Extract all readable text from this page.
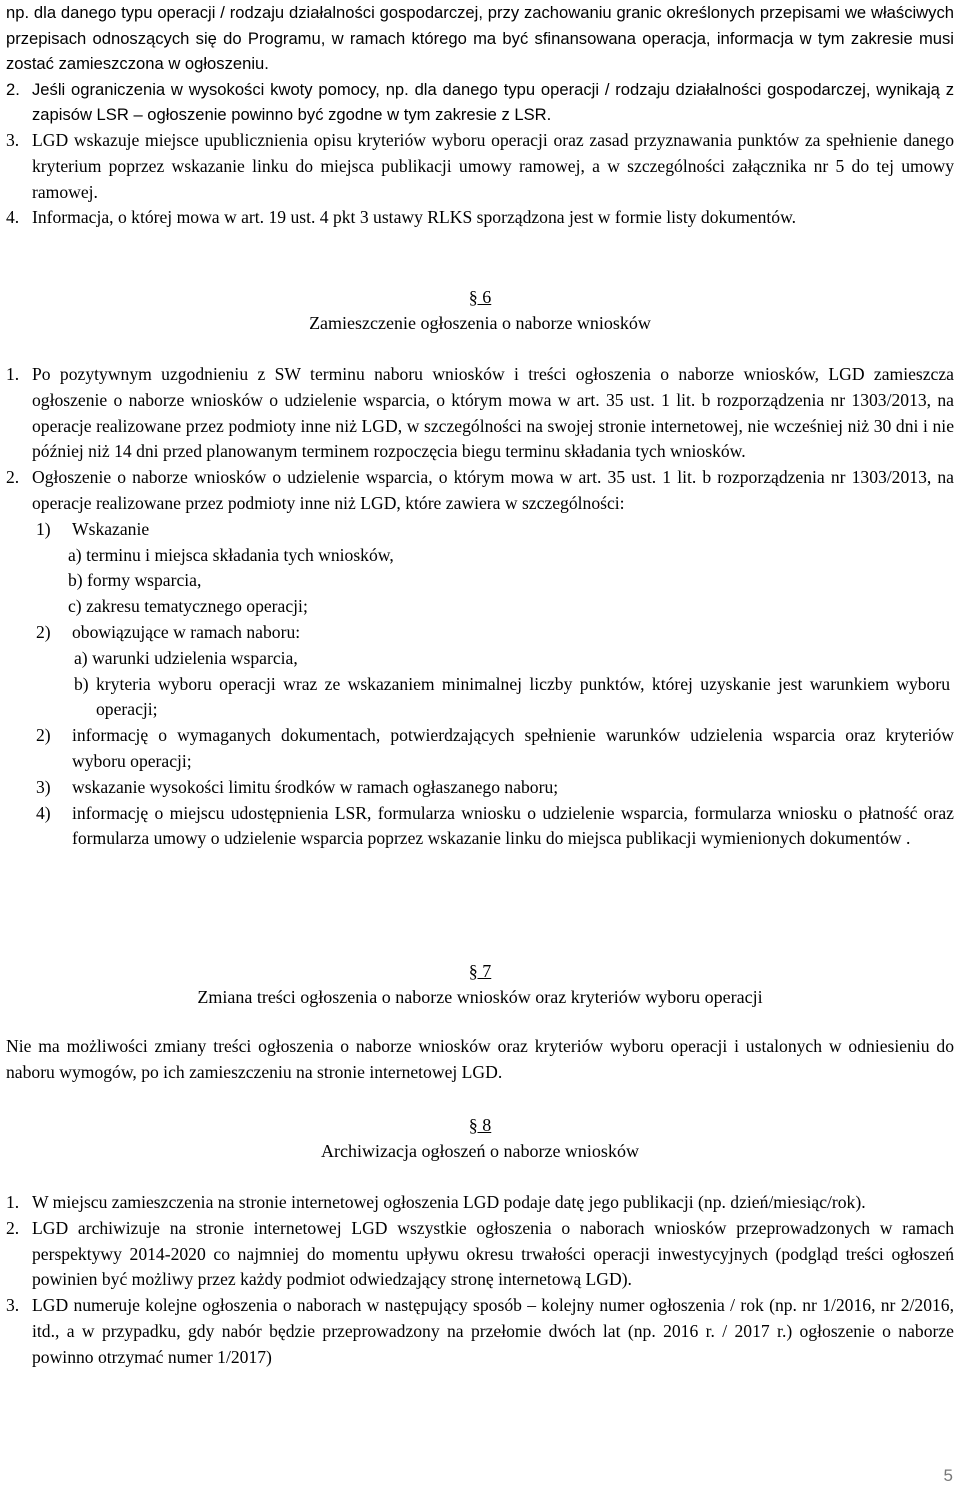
np. dla danego typu operacji / rodzaju działalności gospodarczej, przy zachowaniu granic określonych przepisami we właściwych przepisach odnoszących się do Programu, w ramach którego ma być sfinansowana operacja, informacja w tym zakresie musi zostać zamieszczona w ogłoszeniu.

2. Jeśli ograniczenia w wysokości kwoty pomocy, np. dla danego typu operacji / rodzaju działalności gospodarczej, wynikają z zapisów LSR – ogłoszenie powinno być zgodne w tym zakresie z LSR.
3. LGD wskazuje miejsce upublicznienia opisu kryteriów wyboru operacji oraz zasad przyznawania punktów za spełnienie danego kryterium poprzez wskazanie linku do miejsca publikacji umowy ramowej, a w szczególności załącznika nr 5 do tej umowy ramowej.
4. Informacja, o której mowa w art. 19 ust. 4 pkt 3 ustawy RLKS sporządzona jest w formie listy dokumentów.
§ 6
Zamieszczenie ogłoszenia o naborze wniosków
1. Po pozytywnym uzgodnieniu z SW terminu naboru wniosków i treści ogłoszenia o naborze wniosków, LGD zamieszcza ogłoszenie o naborze wniosków o udzielenie wsparcia, o którym mowa w art. 35 ust. 1 lit. b rozporządzenia nr 1303/2013, na operacje realizowane przez podmioty inne niż LGD, w szczególności na swojej stronie internetowej, nie wcześniej niż 30 dni i nie później niż 14 dni przed planowanym terminem rozpoczęcia biegu terminu składania tych wniosków.
2. Ogłoszenie o naborze wniosków o udzielenie wsparcia, o którym mowa w art. 35 ust. 1 lit. b rozporządzenia nr 1303/2013, na operacje realizowane przez podmioty inne niż LGD, które zawiera w szczególności:
1)	Wskazanie
a) terminu i miejsca składania tych wniosków,
b) formy wsparcia,
c) zakresu tematycznego operacji;
2)	obowiązujące w ramach naboru:
a) warunki udzielenia wsparcia,
b) kryteria wyboru operacji wraz ze wskazaniem minimalnej liczby punktów, której uzyskanie jest warunkiem wyboru operacji;
2)	informację o wymaganych dokumentach, potwierdzających spełnienie warunków udzielenia wsparcia oraz kryteriów wyboru operacji;
3)	wskazanie wysokości limitu środków w ramach ogłaszanego naboru;
4)	informację o miejscu udostępnienia LSR, formularza wniosku o udzielenie wsparcia, formularza wniosku o płatność oraz formularza umowy o udzielenie wsparcia poprzez wskazanie linku do miejsca publikacji wymienionych dokumentów .
§ 7
Zmiana treści ogłoszenia o naborze wniosków oraz kryteriów wyboru operacji

Nie ma możliwości zmiany treści ogłoszenia o naborze wniosków oraz kryteriów wyboru operacji i ustalonych w odniesieniu do naboru wymogów, po ich zamieszczeniu na stronie internetowej LGD.

§ 8
Archiwizacja ogłoszeń o naborze wniosków
1. W miejscu zamieszczenia na stronie internetowej ogłoszenia LGD podaje datę jego publikacji (np. dzień/miesiąc/rok).
2. LGD archiwizuje na stronie internetowej LGD wszystkie ogłoszenia o naborach wniosków przeprowadzonych w ramach perspektywy 2014-2020 co najmniej do momentu upływu okresu trwałości operacji inwestycyjnych (podgląd treści ogłoszeń powinien być możliwy przez każdy podmiot odwiedzający stronę internetową LGD).
3. LGD numeruje kolejne ogłoszenia o naborach w następujący sposób – kolejny numer ogłoszenia / rok (np. nr 1/2016, nr 2/2016, itd., a w przypadku, gdy nabór będzie przeprowadzony na przełomie dwóch lat (np. 2016 r. / 2017 r.) ogłoszenie o naborze powinno otrzymać numer 1/2017)
5
